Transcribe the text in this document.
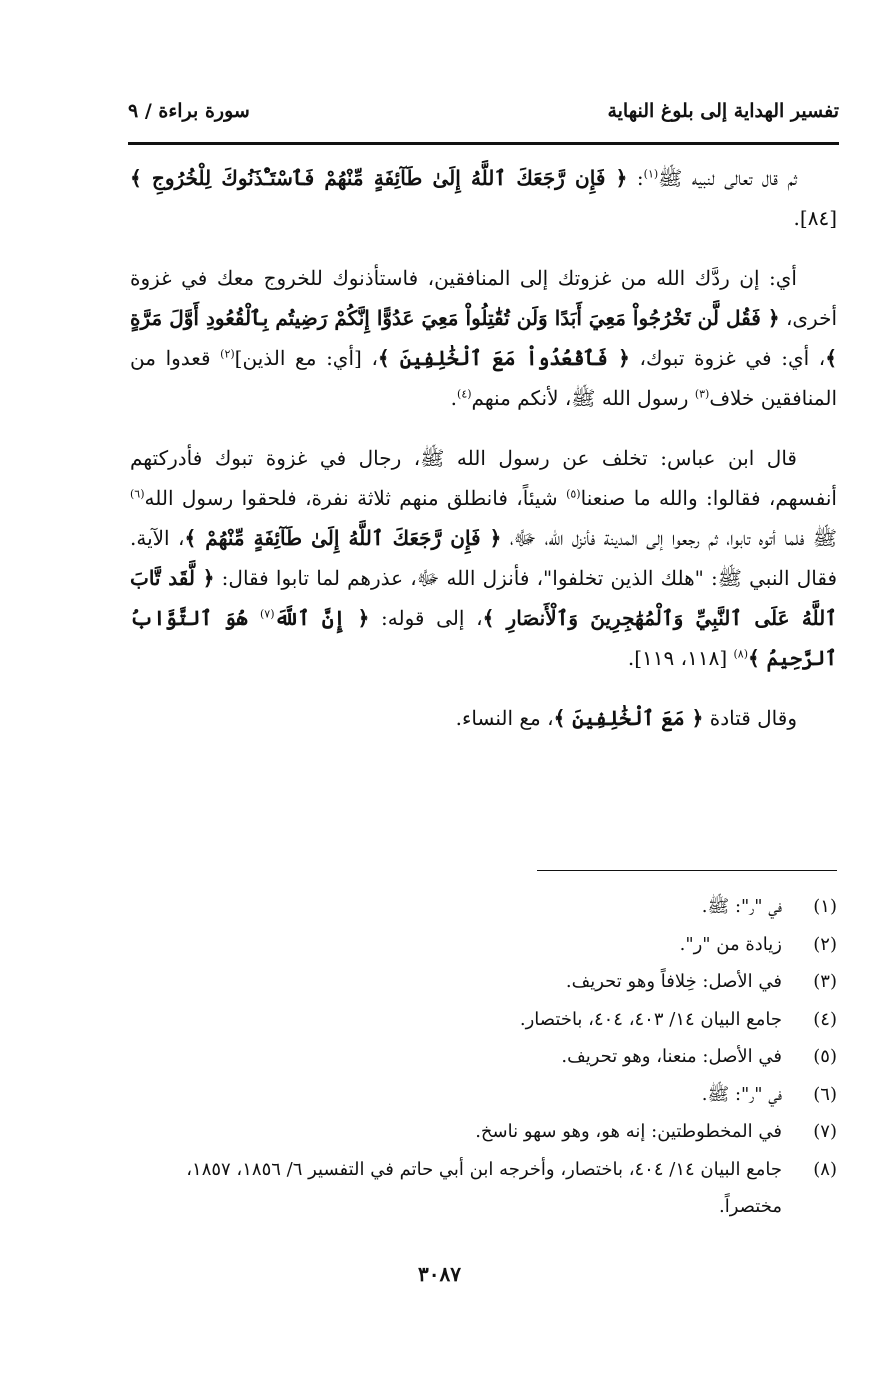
تفسير الهداية إلى بلوغ النهاية
سورة براءة / ٩

ثم قال تعالى لنبيه ﷺ$^{(١)}$: ﴿ فَإِن رَّجَعَكَ ٱللَّهُ إِلَىٰ طَآئِفَةٍ مِّنْهُمْ فَٱسْتَـْٔذَنُوكَ لِلْخُرُوجِ ﴾ [٨٤].

أي: إن ردَّك الله من غزوتك إلى المنافقين، فاستأذنوك للخروج معك في غزوة أخرى، ﴿ فَقُل لَّن تَخْرُجُواْ مَعِيَ أَبَدًا وَلَن تُقَٰتِلُواْ مَعِيَ عَدُوًّا إِنَّكُمْ رَضِيتُم بِٱلْقُعُودِ أَوَّلَ مَرَّةٍ ﴾، أي: في غزوة تبوك، ﴿ فَٱقْعُدُواْ مَعَ ٱلْخَٰلِفِينَ ﴾، [أي: مع الذين]$^{(٢)}$ قعدوا من المنافقين خلاف$^{(٣)}$ رسول الله ﷺ، لأنكم منهم$^{(٤)}$.

قال ابن عباس: تخلف عن رسول الله ﷺ، رجال في غزوة تبوك فأدركتهم أنفسهم، فقالوا: والله ما صنعنا$^{(٥)}$ شيئاً، فانطلق منهم ثلاثة نفرة، فلحقوا رسول الله$^{(٦)}$ ﷺ فلما أتوه تابوا، ثم رجعوا إلى المدينة فأنزل الله، ﷻ، ﴿ فَإِن رَّجَعَكَ ٱللَّهُ إِلَىٰ طَآئِفَةٍ مِّنْهُمْ ﴾، الآية. فقال النبي ﷺ: "هلك الذين تخلفوا"، فأنزل الله ﷻ، عذرهم لما تابوا فقال: ﴿ لَّقَد تَّابَ ٱللَّهُ عَلَى ٱلنَّبِيِّ وَٱلْمُهَٰجِرِينَ وَٱلْأَنصَارِ ﴾، إلى قوله: ﴿ إِنَّ ٱللَّهَ$^{(٧)}$ هُوَ ٱلتَّوَّابُ ٱلرَّحِيمُ ﴾$^{(٨)}$ [١١٨، ١١٩].

وقال قتادة ﴿ مَعَ ٱلْخَٰلِفِينَ ﴾، مع النساء.

(١)
في "ر": ﷺ.
(٢)
زيادة من "ر".
(٣)
في الأصل: خِلافاً وهو تحريف.
(٤)
جامع البيان ١٤/ ٤٠٣، ٤٠٤، باختصار.
(٥)
في الأصل: منعنا، وهو تحريف.
(٦)
في "ر": ﷺ.
(٧)
في المخطوطتين: إنه هو، وهو سهو ناسخ.
(٨)
جامع البيان ١٤/ ٤٠٤، باختصار، وأخرجه ابن أبي حاتم في التفسير ٦/ ١٨٥٦، ١٨٥٧، مختصراً.
٣٠٨٧
